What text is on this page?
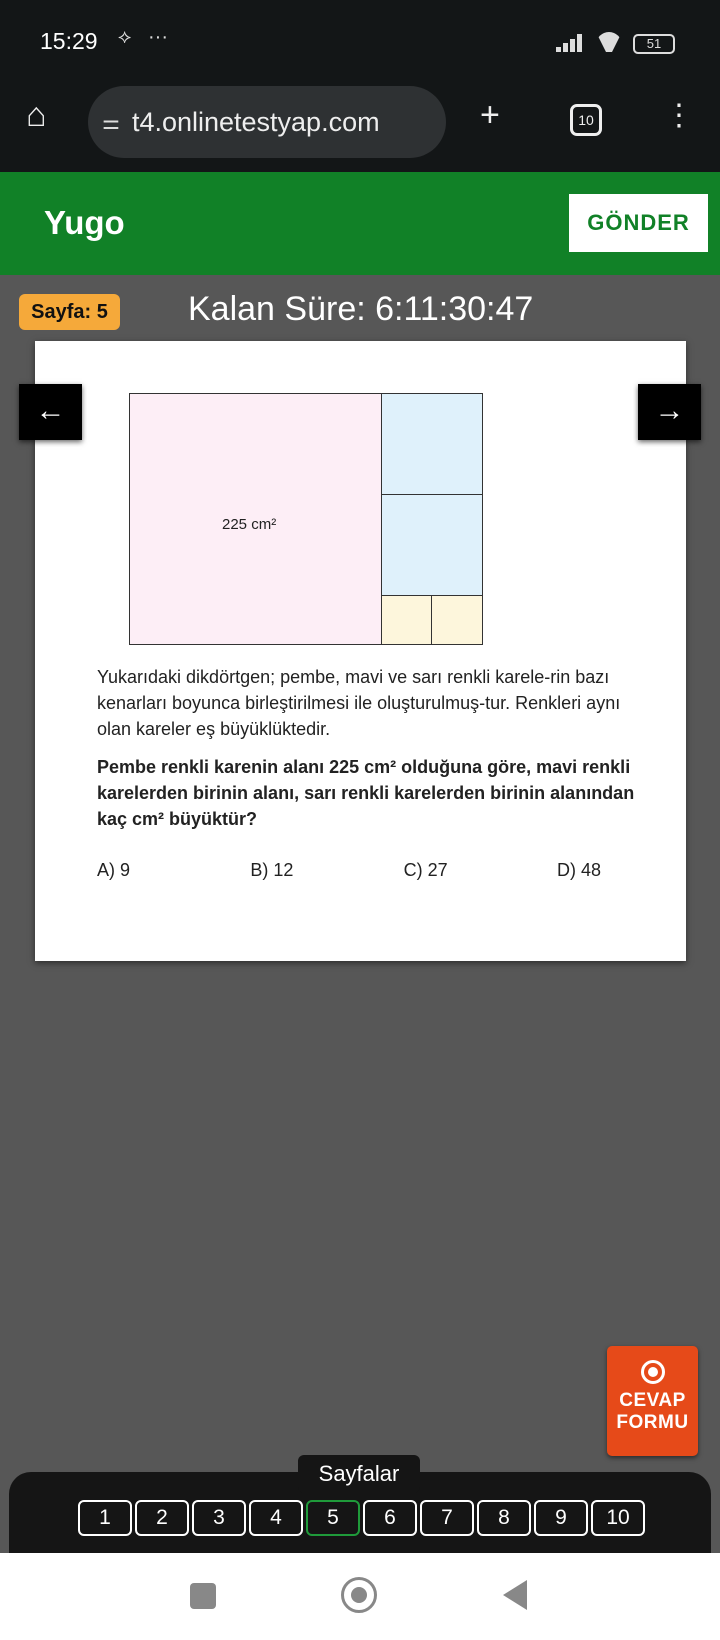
15:29 ⟡ ···	51
⌂	⚌ t4.onlinetestyap.com	+	10 ⋮
Yugo	GÖNDER
Sayfa: 5	Kalan Süre: 6:11:30:47
225 cm²
Yukarıdaki dikdörtgen; pembe, mavi ve sarı renkli karele-rin bazı kenarları boyunca birleştirilmesi ile oluşturulmuş-tur. Renkleri aynı olan kareler eş büyüklüktedir.
Pembe renkli karenin alanı 225 cm² olduğuna göre, mavi renkli karelerden birinin alanı, sarı renkli karelerden birinin alanından kaç cm² büyüktür?
A) 9	B) 12	C) 27	D) 48
←	→
CEVAP
FORMU
Sayfalar
1	2	3	4	5	6	7	8	9	10
